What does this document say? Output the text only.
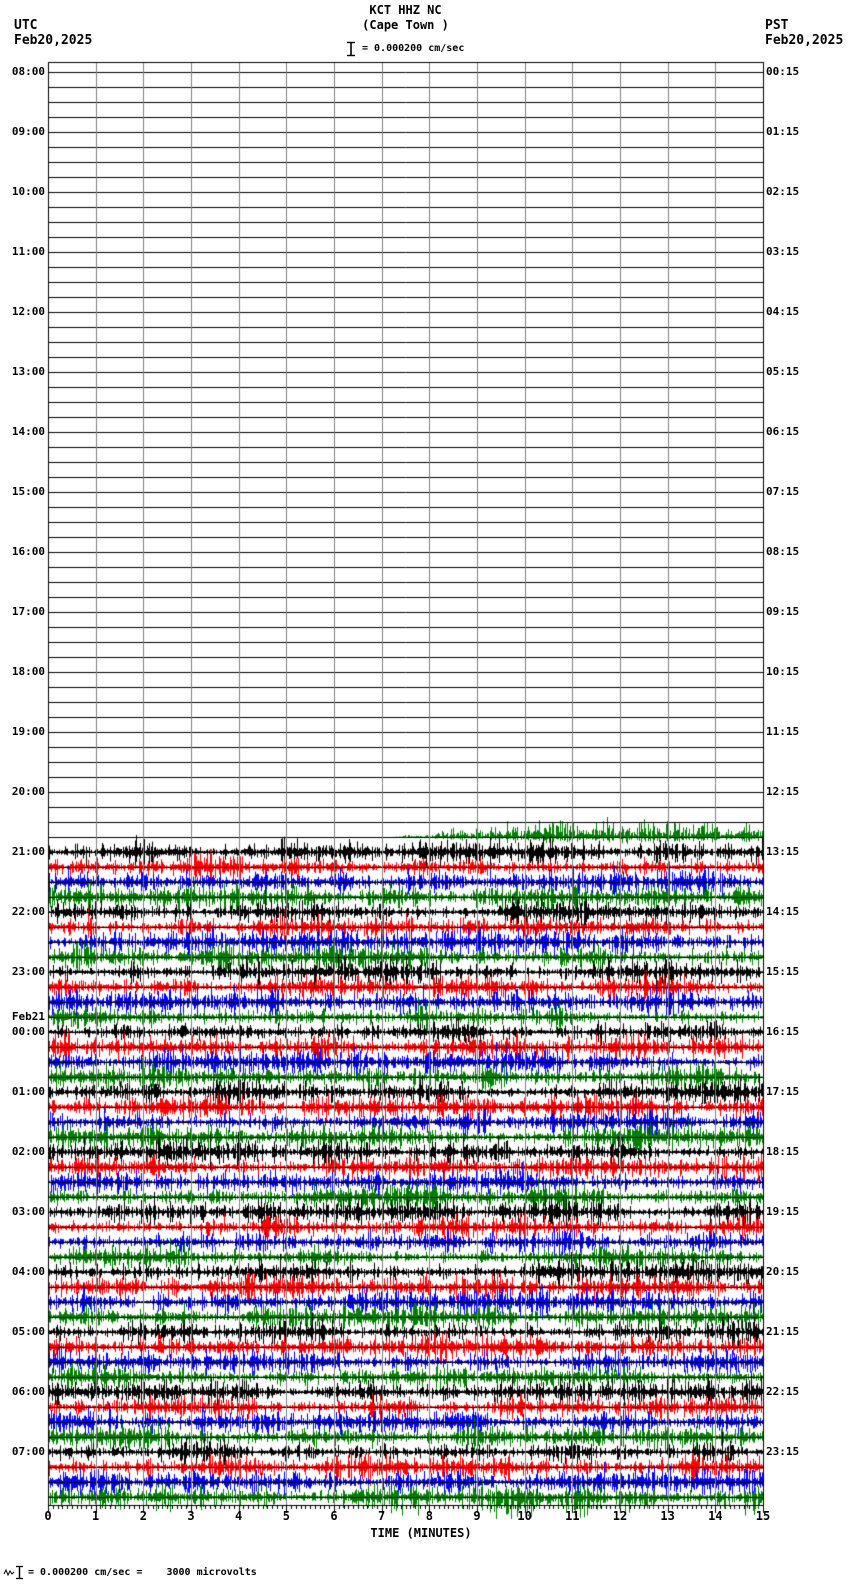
KCT HHZ NC
(Cape Town )
UTC
Feb20,2025
PST
Feb20,2025
= 0.000200 cm/sec
Feb21
08:00	00:15
09:00	01:15
10:00	02:15
11:00	03:15
12:00	04:15
13:00	05:15
14:00	06:15
15:00	07:15
16:00	08:15
17:00	09:15
18:00	10:15
19:00	11:15
20:00	12:15
21:00	13:15
22:00	14:15
23:00	15:15
00:00	16:15
01:00	17:15
02:00	18:15
03:00	19:15
04:00	20:15
05:00	21:15
06:00	22:15
07:00	23:15
0	1	2	3	4	5	6	7	8	9	10	11	12	13	14	15
TIME (MINUTES)
= 0.000200 cm/sec =    3000 microvolts
